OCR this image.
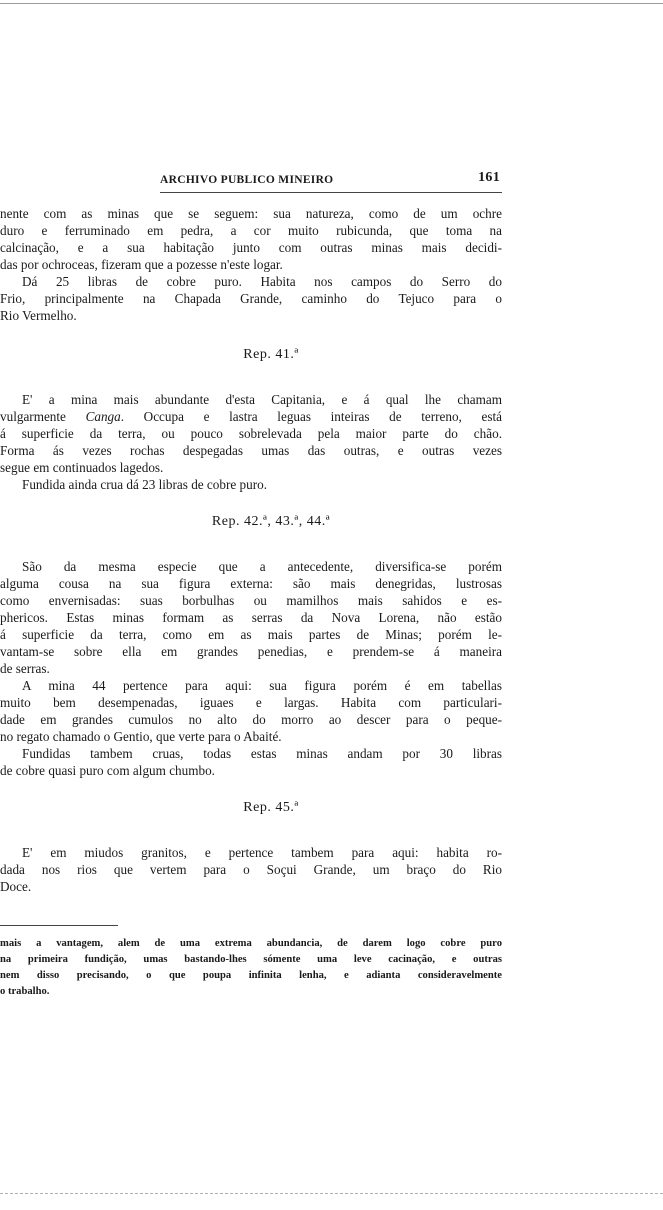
ARCHIVO PUBLICO MINEIRO	161

nente com as minas que se seguem: sua natureza, como de um ochre
duro e ferruminado em pedra, a cor muito rubicunda, que toma na
calcinação, e a sua habitação junto com outras minas mais decidi-
das por ochroceas, fizeram que a pozesse n'este logar.

Dá 25 libras de cobre puro. Habita nos campos do Serro do
Frio, principalmente na Chapada Grande, caminho do Tejuco para o
Rio Vermelho.

Rep. 41.ª

E' a mina mais abundante d'esta Capitania, e á qual lhe chamam
vulgarmente Canga. Occupa e lastra leguas inteiras de terreno, está
á superficie da terra, ou pouco sobrelevada pela maior parte do chão.
Forma ás vezes rochas despegadas umas das outras, e outras vezes
segue em continuados lagedos.

Fundida ainda crua dá 23 libras de cobre puro.

Rep. 42.ª, 43.ª, 44.ª

São da mesma especie que a antecedente, diversifica-se porém
alguma cousa na sua figura externa: são mais denegridas, lustrosas
como envernisadas: suas borbulhas ou mamilhos mais sahidos e es-
phericos. Estas minas formam as serras da Nova Lorena, não estão
á superficie da terra, como em as mais partes de Minas; porém le-
vantam-se sobre ella em grandes penedias, e prendem-se á maneira
de serras.

A mina 44 pertence para aqui: sua figura porém é em tabellas
muito bem desempenadas, iguaes e largas. Habita com particulari-
dade em grandes cumulos no alto do morro ao descer para o peque-
no regato chamado o Gentio, que verte para o Abaité.

Fundidas tambem cruas, todas estas minas andam por 30 libras
de cobre quasi puro com algum chumbo.

Rep. 45.ª

E' em miudos granitos, e pertence tambem para aqui: habita ro-
dada nos rios que vertem para o Soçui Grande, um braço do Rio
Doce.

mais a vantagem, alem de uma extrema abundancia, de darem logo cobre puro
na primeira fundição, umas bastando-lhes sómente uma leve cacinação, e outras
nem disso precisando, o que poupa infinita lenha, e adianta consideravelmente
o trabalho.
